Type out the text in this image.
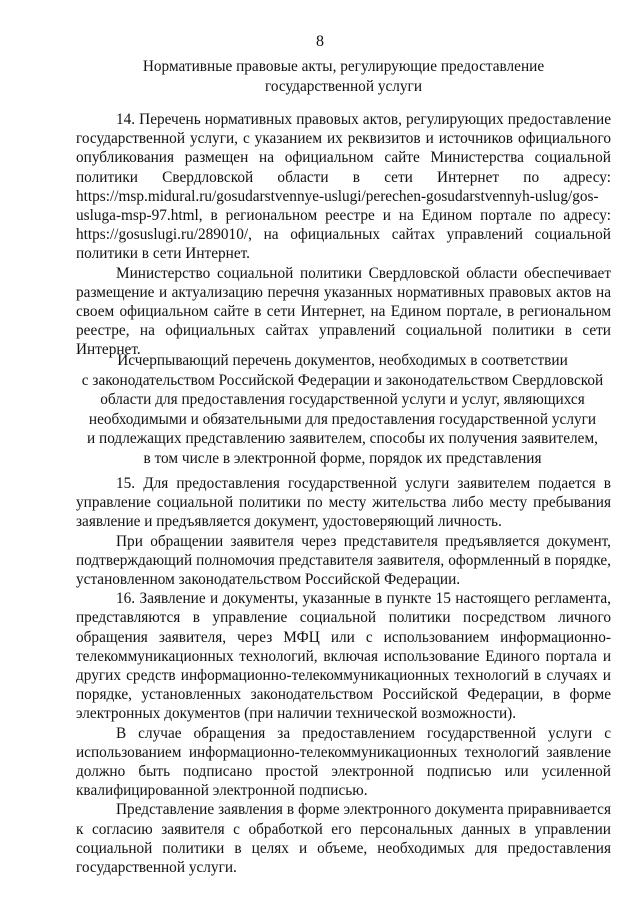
8
Нормативные правовые акты, регулирующие предоставление
государственной услуги

14. Перечень нормативных правовых актов, регулирующих предоставление государственной услуги, с указанием их реквизитов и источников официального опубликования размещен на официальном сайте Министерства социальной политики Свердловской области в сети Интернет по адресу: https://msp.midural.ru/gosudarstvennye-uslugi/perechen-gosudarstvennyh-uslug/gos-usluga-msp-97.html, в региональном реестре и на Едином портале по адресу: https://gosuslugi.ru/289010/, на официальных сайтах управлений социальной политики в сети Интернет.

Министерство социальной политики Свердловской области обеспечивает размещение и актуализацию перечня указанных нормативных правовых актов на своем официальном сайте в сети Интернет, на Едином портале, в региональном реестре, на официальных сайтах управлений социальной политики в сети Интернет.

Исчерпывающий перечень документов, необходимых в соответствии
с законодательством Российской Федерации и законодательством Свердловской
области для предоставления государственной услуги и услуг, являющихся
необходимыми и обязательными для предоставления государственной услуги
и подлежащих представлению заявителем, способы их получения заявителем,
в том числе в электронной форме, порядок их представления

15. Для предоставления государственной услуги заявителем подается в управление социальной политики по месту жительства либо месту пребывания заявление и предъявляется документ, удостоверяющий личность.

При обращении заявителя через представителя предъявляется документ, подтверждающий полномочия представителя заявителя, оформленный в порядке, установленном законодательством Российской Федерации.

16. Заявление и документы, указанные в пункте 15 настоящего регламента, представляются в управление социальной политики посредством личного обращения заявителя, через МФЦ или с использованием информационно-телекоммуникационных технологий, включая использование Единого портала и других средств информационно-телекоммуникационных технологий в случаях и порядке, установленных законодательством Российской Федерации, в форме электронных документов (при наличии технической возможности).

В случае обращения за предоставлением государственной услуги с использованием информационно-телекоммуникационных технологий заявление должно быть подписано простой электронной подписью или усиленной квалифицированной электронной подписью.

Представление заявления в форме электронного документа приравнивается к согласию заявителя с обработкой его персональных данных в управлении социальной политики в целях и объеме, необходимых для предоставления государственной услуги.
